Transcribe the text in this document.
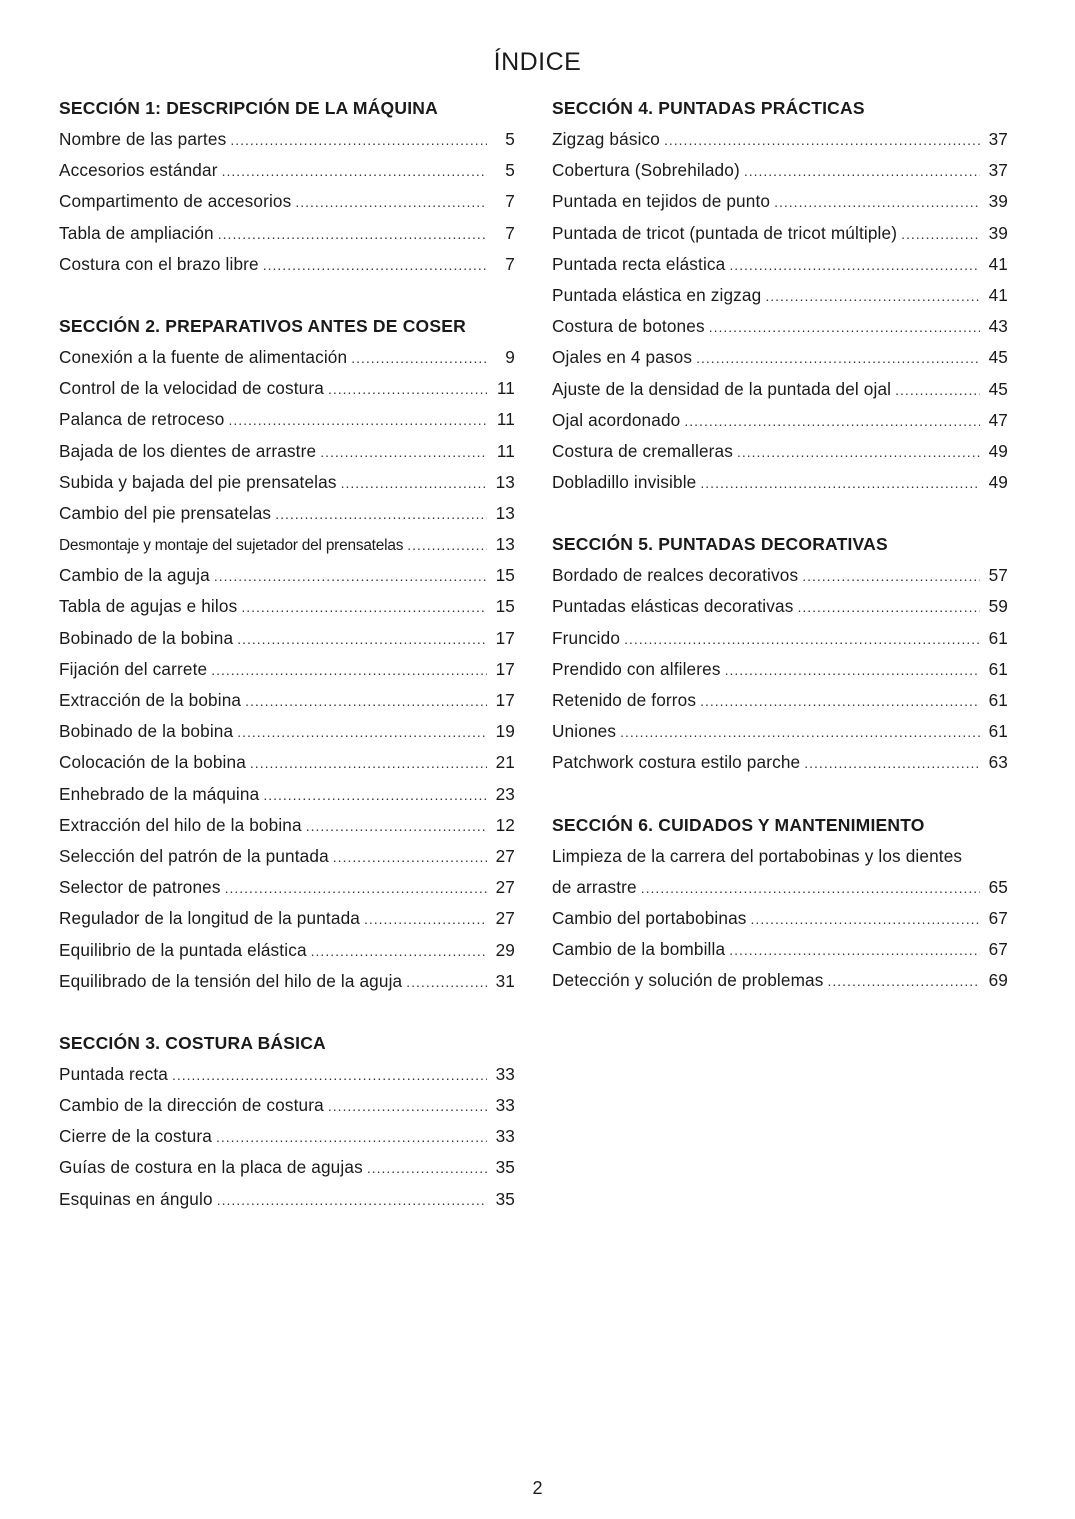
ÍNDICE
SECCIÓN 1: DESCRIPCIÓN DE LA MÁQUINA
Nombre de las partes .....	5
Accesorios estándar .....	5
Compartimento de accesorios .....	7
Tabla de ampliación .....	7
Costura con el brazo libre .....	7
SECCIÓN 2. PREPARATIVOS ANTES DE COSER
Conexión a la fuente de alimentación .....	9
Control de la velocidad de costura .....	11
Palanca de retroceso .....	11
Bajada de los dientes de arrastre .....	11
Subida y bajada del pie prensatelas .....	13
Cambio del pie prensatelas .....	13
Desmontaje y montaje del sujetador del prensatelas .....	13
Cambio de la aguja .....	15
Tabla de agujas e hilos .....	15
Bobinado de la bobina .....	17
Fijación del carrete .....	17
Extracción de la bobina .....	17
Bobinado de la bobina .....	19
Colocación de la bobina .....	21
Enhebrado de la máquina .....	23
Extracción del hilo de la bobina .....	12
Selección del patrón de la puntada .....	27
Selector de patrones .....	27
Regulador de la longitud de la puntada .....	27
Equilibrio de la puntada elástica .....	29
Equilibrado de la tensión del hilo de la aguja .....	31
SECCIÓN 3. COSTURA BÁSICA
Puntada recta .....	33
Cambio de la dirección de costura .....	33
Cierre de la costura .....	33
Guías de costura en la placa de agujas .....	35
Esquinas en ángulo .....	35
SECCIÓN 4. PUNTADAS PRÁCTICAS
Zigzag básico .....	37
Cobertura (Sobrehilado) .....	37
Puntada en tejidos de punto .....	39
Puntada de tricot (puntada de tricot múltiple) .....	39
Puntada recta elástica .....	41
Puntada elástica en zigzag .....	41
Costura de botones .....	43
Ojales en 4 pasos .....	45
Ajuste de la densidad de la puntada del ojal .....	45
Ojal acordonado .....	47
Costura de cremalleras .....	49
Dobladillo invisible .....	49
SECCIÓN 5. PUNTADAS DECORATIVAS
Bordado de realces decorativos .....	57
Puntadas elásticas decorativas .....	59
Fruncido .....	61
Prendido con alfileres .....	61
Retenido de forros .....	61
Uniones .....	61
Patchwork costura estilo parche .....	63
SECCIÓN 6. CUIDADOS Y MANTENIMIENTO
Limpieza de la carrera del portabobinas y los dientes
de arrastre .....	65
Cambio del portabobinas .....	67
Cambio de la bombilla .....	67
Detección y solución de problemas .....	69
2
